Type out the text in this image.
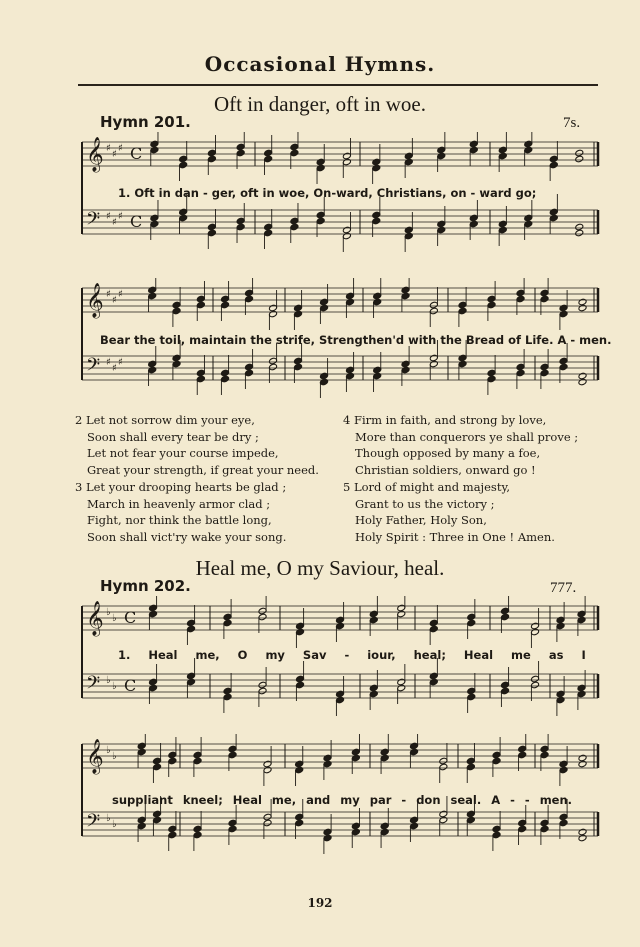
Occasional Hymns.
Oft in danger, oft in woe.
Hymn 201.	7s.
𝄞 ♯
♯
♯ C
𝄢 ♯
♯
♯ C
1. Oft in dan - ger, oft in woe, On-ward, Christians, on - ward go;
𝄞 ♯
♯
♯
𝄢 ♯
♯
♯
Bear the toil, maintain the strife, Strengthen'd with the Bread of Life. A - men.
2 Let not sorrow dim your eye,
Soon shall every tear be dry ;
Let not fear your course impede,
Great your strength, if great your need.
3 Let your drooping hearts be glad ;
March in heavenly armor clad ;
Fight, nor think the battle long,
Soon shall vict'ry wake your song.
4 Firm in faith, and strong by love,
More than conquerors ye shall prove ;
Though opposed by many a foe,
Christian soldiers, onward go !
5 Lord of might and majesty,
Grant to us the victory ;
Holy Father, Holy Son,
Holy Spirit : Three in One ! Amen.
Heal me, O my Saviour, heal.
Hymn 202.	777.
𝄞 ♭
♭ C
𝄢 ♭
♭ C
1. Heal me, O my Sav - iour, heal; Heal me as I
𝄞 ♭
♭
𝄢 ♭
♭
suppliant kneel; Heal me, and my par - don seal. A - - men.
192
